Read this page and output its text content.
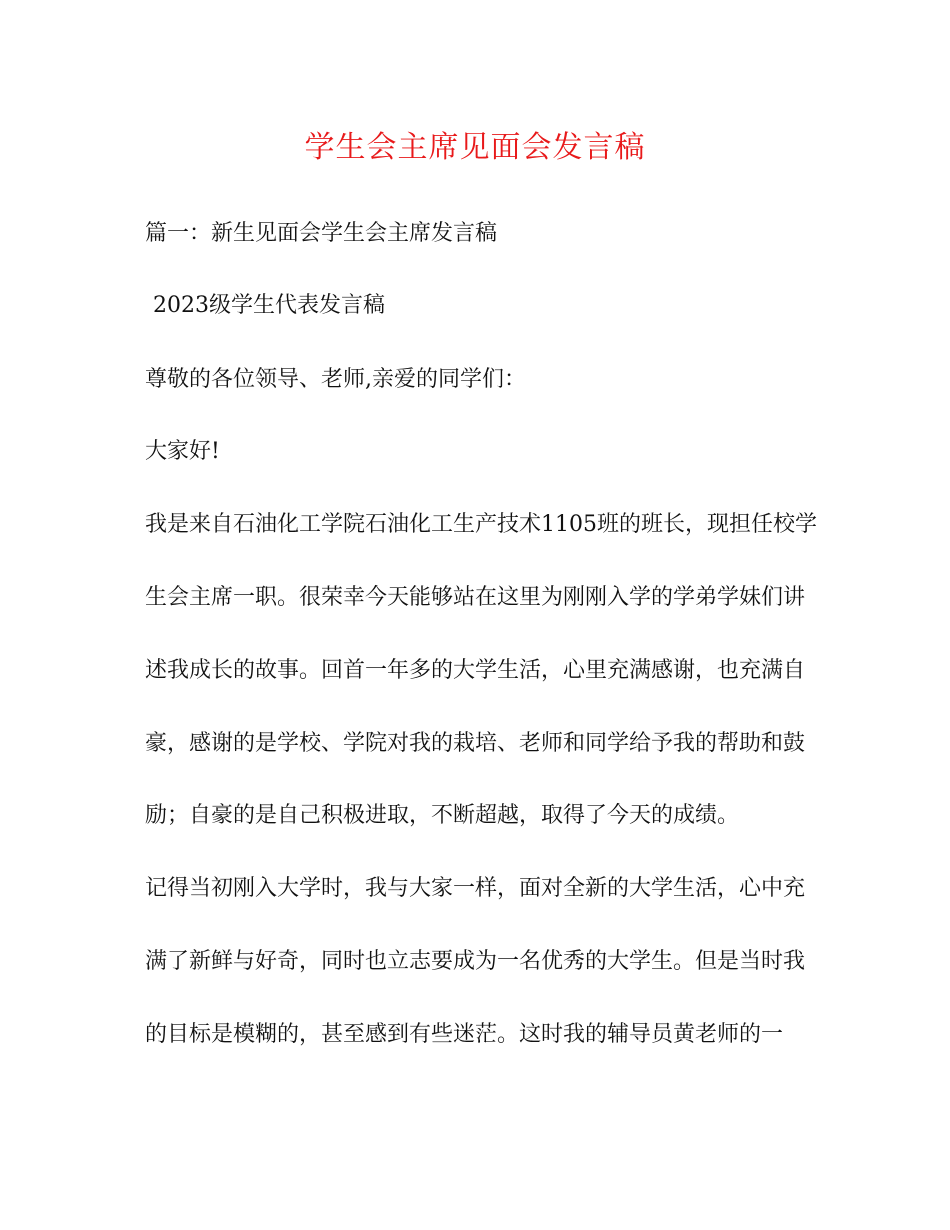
学生会主席见面会发言稿
篇一：新生见面会学生会主席发言稿
2023级学生代表发言稿
尊敬的各位领导、老师,亲爱的同学们：
大家好!
我是来自石油化工学院石油化工生产技术1105班的班长，现担任校学
生会主席一职。很荣幸今天能够站在这里为刚刚入学的学弟学妹们讲
述我成长的故事。回首一年多的大学生活，心里充满感谢，也充满自
豪，感谢的是学校、学院对我的栽培、老师和同学给予我的帮助和鼓
励；自豪的是自己积极进取，不断超越，取得了今天的成绩。
记得当初刚入大学时，我与大家一样，面对全新的大学生活，心中充
满了新鲜与好奇，同时也立志要成为一名优秀的大学生。但是当时我
的目标是模糊的，甚至感到有些迷茫。这时我的辅导员黄老师的一
